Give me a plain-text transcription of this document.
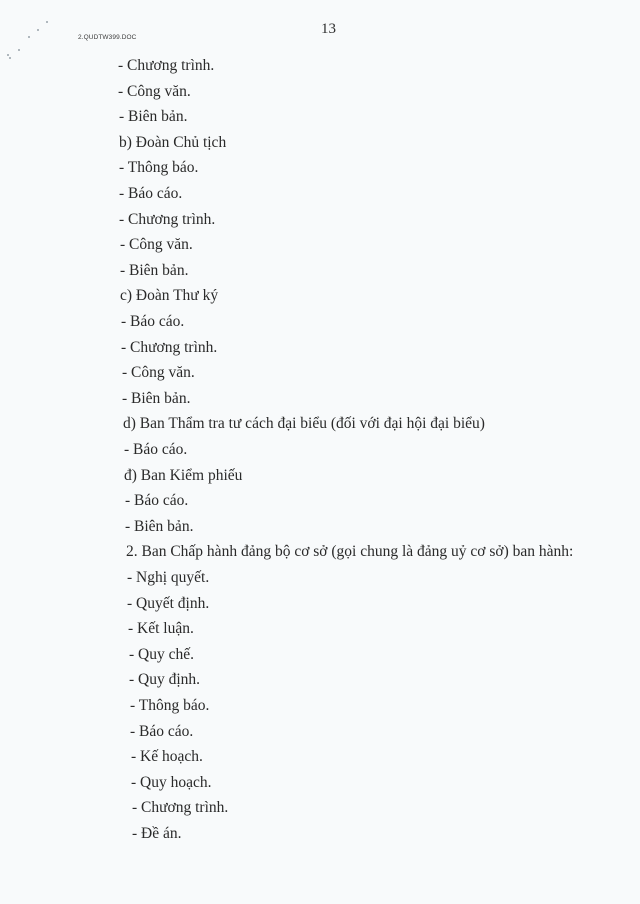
2.QUDTW399.DOC
13
- Chương trình.
- Công văn.
- Biên bản.
b) Đoàn Chủ tịch
- Thông báo.
- Báo cáo.
- Chương trình.
- Công văn.
- Biên bản.
c) Đoàn Thư ký
- Báo cáo.
- Chương trình.
- Công văn.
- Biên bản.
d) Ban Thẩm tra tư cách đại biểu (đối với đại hội đại biểu)
- Báo cáo.
đ) Ban Kiểm phiếu
- Báo cáo.
- Biên bản.
2. Ban Chấp hành đảng bộ cơ sở (gọi chung là đảng uỷ cơ sở) ban hành:
- Nghị quyết.
- Quyết định.
- Kết luận.
- Quy chế.
- Quy định.
- Thông báo.
- Báo cáo.
- Kế hoạch.
- Quy hoạch.
- Chương trình.
- Đề án.
